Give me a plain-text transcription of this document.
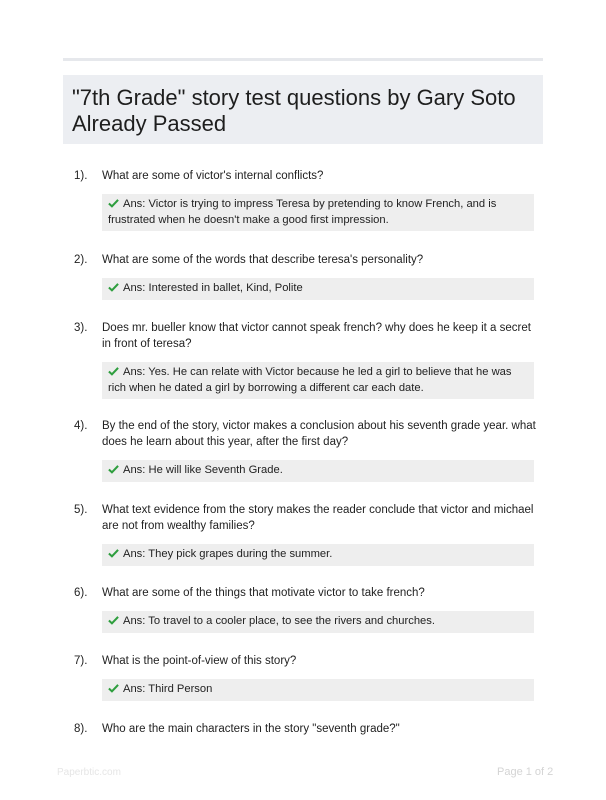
"7th Grade" story test questions by Gary Soto Already Passed
1).	What are some of victor's internal conflicts?
Ans: Victor is trying to impress Teresa by pretending to know French, and is frustrated when he doesn't make a good first impression.
2).	What are some of the words that describe teresa's personality?
Ans: Interested in ballet, Kind, Polite
3).	Does mr. bueller know that victor cannot speak french? why does he keep it a secret in front of teresa?
Ans: Yes. He can relate with Victor because he led a girl to believe that he was rich when he dated a girl by borrowing a different car each date.
4).	By the end of the story, victor makes a conclusion about his seventh grade year. what does he learn about this year, after the first day?
Ans: He will like Seventh Grade.
5).	What text evidence from the story makes the reader conclude that victor and michael are not from wealthy families?
Ans: They pick grapes during the summer.
6).	What are some of the things that motivate victor to take french?
Ans: To travel to a cooler place, to see the rivers and churches.
7).	What is the point-of-view of this story?
Ans: Third Person
8).	Who are the main characters in the story "seventh grade?"
Paperbtic.com	Page 1 of 2
